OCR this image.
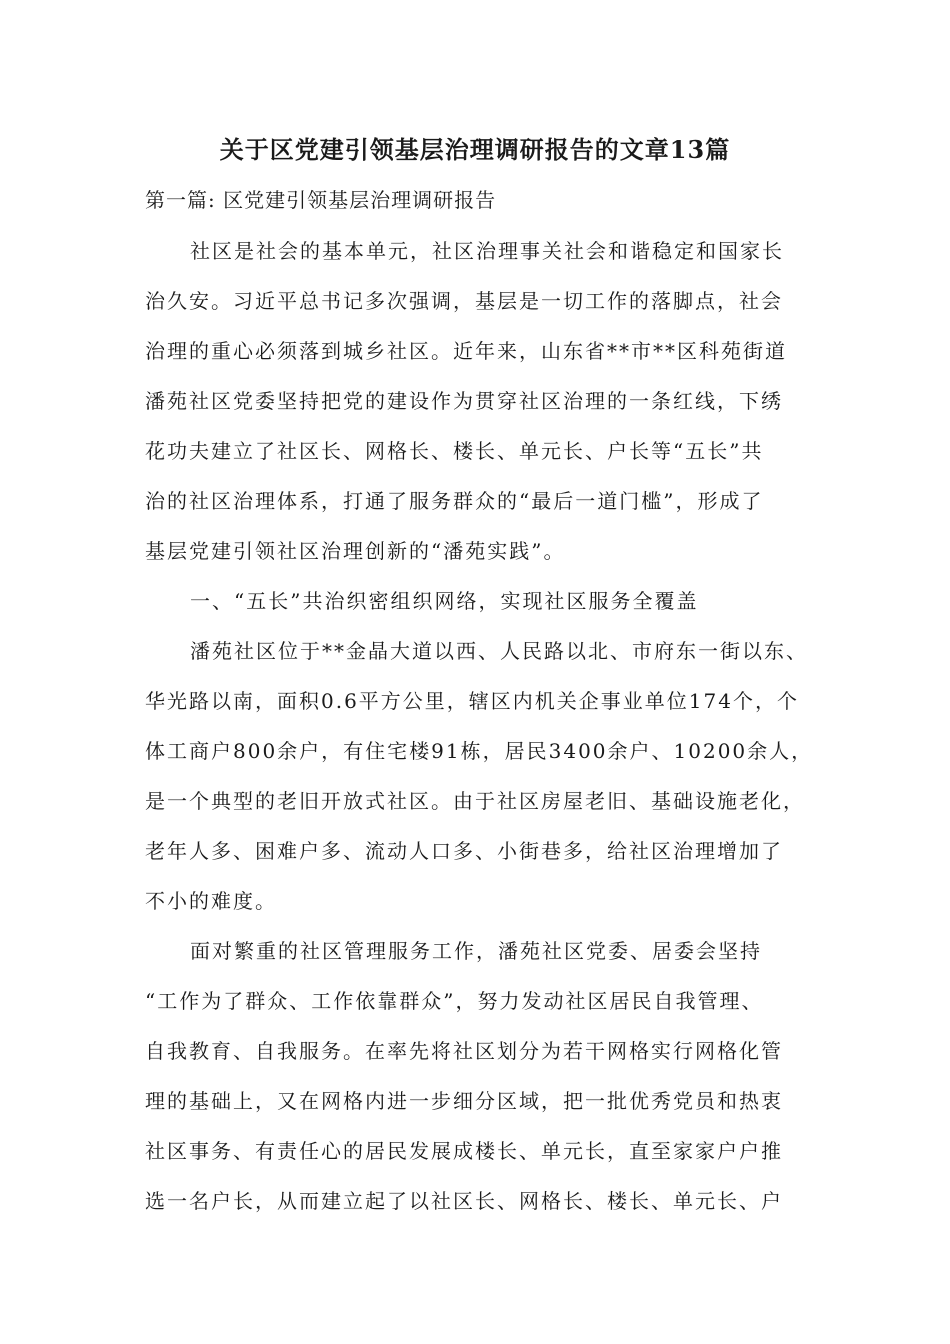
关于区党建引领基层治理调研报告的文章13篇
第一篇: 区党建引领基层治理调研报告
社区是社会的基本单元，社区治理事关社会和谐稳定和国家长
治久安。习近平总书记多次强调，基层是一切工作的落脚点，社会
治理的重心必须落到城乡社区。近年来，山东省**市**区科苑街道
潘苑社区党委坚持把党的建设作为贯穿社区治理的一条红线，下绣
花功夫建立了社区长、网格长、楼长、单元长、户长等“五长”共
治的社区治理体系，打通了服务群众的“最后一道门槛”，形成了
基层党建引领社区治理创新的“潘苑实践”。
一、“五长”共治织密组织网络，实现社区服务全覆盖
潘苑社区位于**金晶大道以西、人民路以北、市府东一街以东、
华光路以南，面积0.6平方公里，辖区内机关企事业单位174个，个
体工商户800余户，有住宅楼91栋，居民3400余户、10200余人，
是一个典型的老旧开放式社区。由于社区房屋老旧、基础设施老化，
老年人多、困难户多、流动人口多、小街巷多，给社区治理增加了
不小的难度。
面对繁重的社区管理服务工作，潘苑社区党委、居委会坚持
“工作为了群众、工作依靠群众”，努力发动社区居民自我管理、
自我教育、自我服务。在率先将社区划分为若干网格实行网格化管
理的基础上，又在网格内进一步细分区域，把一批优秀党员和热衷
社区事务、有责任心的居民发展成楼长、单元长，直至家家户户推
选一名户长，从而建立起了以社区长、网格长、楼长、单元长、户
